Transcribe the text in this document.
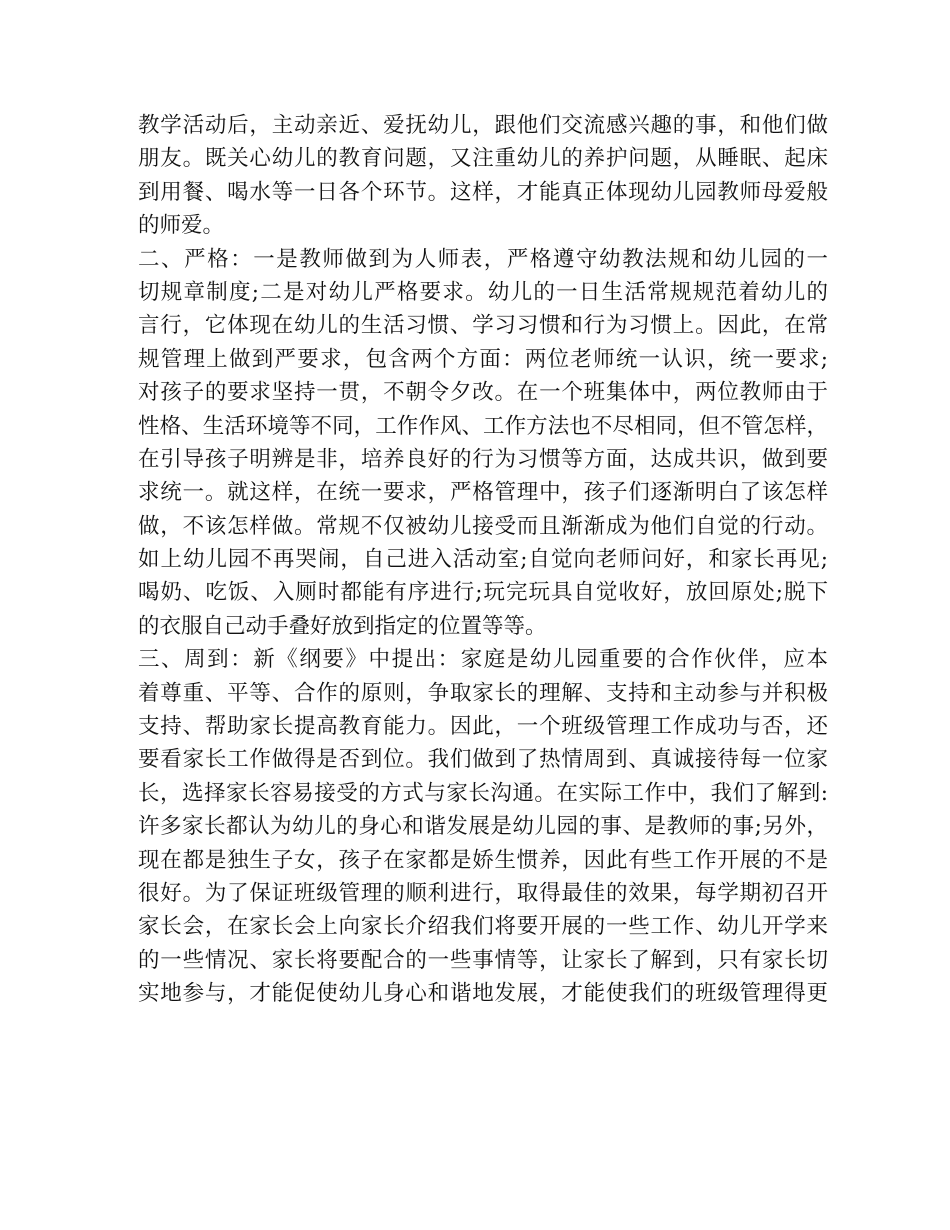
教学活动后，主动亲近、爱抚幼儿，跟他们交流感兴趣的事，和他们做
朋友。既关心幼儿的教育问题，又注重幼儿的养护问题，从睡眠、起床
到用餐、喝水等一日各个环节。这样，才能真正体现幼儿园教师母爱般
的师爱。
二、严格：一是教师做到为人师表，严格遵守幼教法规和幼儿园的一
切规章制度;二是对幼儿严格要求。幼儿的一日生活常规规范着幼儿的
言行，它体现在幼儿的生活习惯、学习习惯和行为习惯上。因此，在常
规管理上做到严要求，包含两个方面：两位老师统一认识，统一要求;
对孩子的要求坚持一贯，不朝令夕改。在一个班集体中，两位教师由于
性格、生活环境等不同，工作作风、工作方法也不尽相同，但不管怎样，
在引导孩子明辨是非，培养良好的行为习惯等方面，达成共识，做到要
求统一。就这样，在统一要求，严格管理中，孩子们逐渐明白了该怎样
做，不该怎样做。常规不仅被幼儿接受而且渐渐成为他们自觉的行动。
如上幼儿园不再哭闹，自己进入活动室;自觉向老师问好，和家长再见;
喝奶、吃饭、入厕时都能有序进行;玩完玩具自觉收好，放回原处;脱下
的衣服自己动手叠好放到指定的位置等等。
三、周到：新《纲要》中提出：家庭是幼儿园重要的合作伙伴，应本
着尊重、平等、合作的原则，争取家长的理解、支持和主动参与并积极
支持、帮助家长提高教育能力。因此，一个班级管理工作成功与否，还
要看家长工作做得是否到位。我们做到了热情周到、真诚接待每一位家
长，选择家长容易接受的方式与家长沟通。在实际工作中，我们了解到:
许多家长都认为幼儿的身心和谐发展是幼儿园的事、是教师的事;另外，
现在都是独生子女，孩子在家都是娇生惯养，因此有些工作开展的不是
很好。为了保证班级管理的顺利进行，取得最佳的效果，每学期初召开
家长会，在家长会上向家长介绍我们将要开展的一些工作、幼儿开学来
的一些情况、家长将要配合的一些事情等，让家长了解到，只有家长切
实地参与，才能促使幼儿身心和谐地发展，才能使我们的班级管理得更
